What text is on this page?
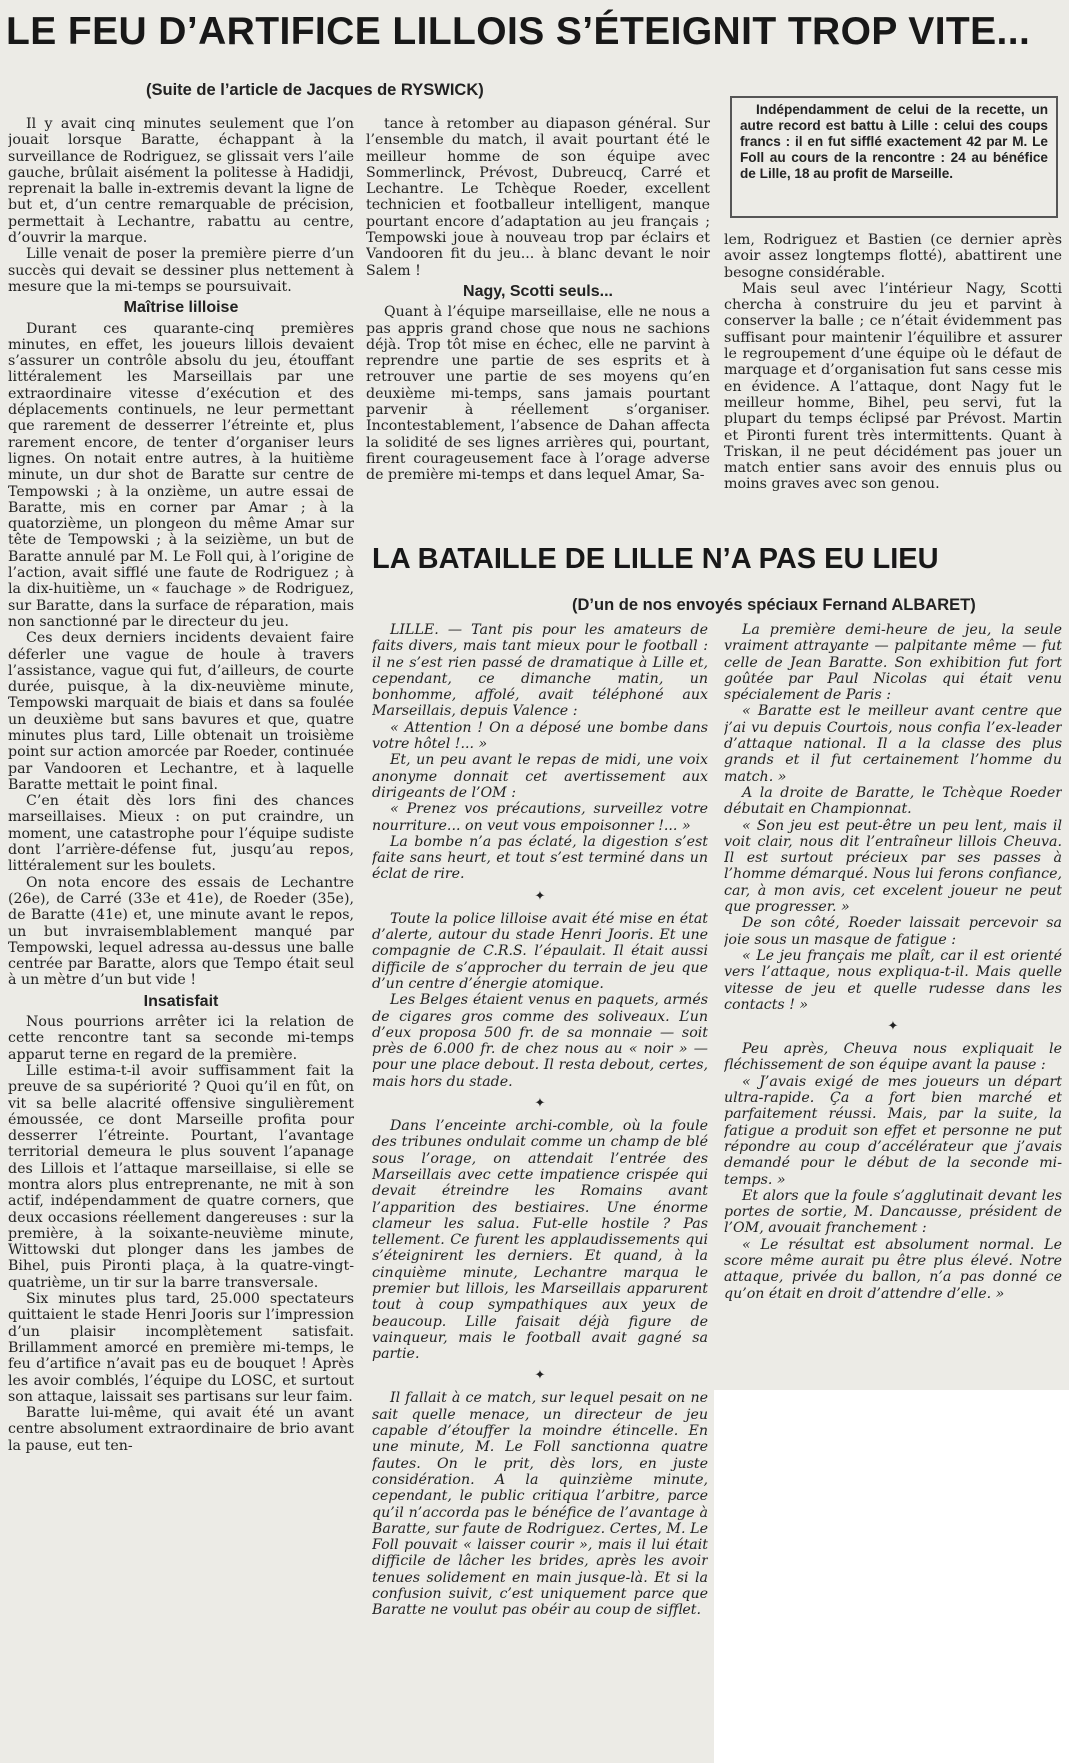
LE FEU D’ARTIFICE LILLOIS S’ÉTEIGNIT TROP VITE...
(Suite de l’article de Jacques de RYSWICK)

Il y avait cinq minutes seulement que l’on jouait lorsque Baratte, échappant à la surveillance de Rodriguez, se glissait vers l’aile gauche, brûlait aisément la politesse à Hadidji, reprenait la balle in-extremis devant la ligne de but et, d’un centre remarquable de précision, permettait à Lechantre, rabattu au centre, d’ouvrir la marque.

Lille venait de poser la première pierre d’un succès qui devait se dessiner plus nettement à mesure que la mi-temps se poursuivait.

Maîtrise lilloise

Durant ces quarante-cinq premières minutes, en effet, les joueurs lillois devaient s’assurer un contrôle absolu du jeu, étouffant littéralement les Marseillais par une extraordinaire vitesse d’exécution et des déplacements continuels, ne leur permettant que rarement de desserrer l’étreinte et, plus rarement encore, de tenter d’organiser leurs lignes. On notait entre autres, à la huitième minute, un dur shot de Baratte sur centre de Tempowski ; à la onzième, un autre essai de Baratte, mis en corner par Amar ; à la quatorzième, un plongeon du même Amar sur tête de Tempowski ; à la seizième, un but de Baratte annulé par M. Le Foll qui, à l’origine de l’action, avait sifflé une faute de Rodriguez ; à la dix-huitième, un « fauchage » de Rodriguez, sur Baratte, dans la surface de réparation, mais non sanctionné par le directeur du jeu.

Ces deux derniers incidents devaient faire déferler une vague de houle à travers l’assistance, vague qui fut, d’ailleurs, de courte durée, puisque, à la dix-neuvième minute, Tempowski marquait de biais et dans sa foulée un deuxième but sans bavures et que, quatre minutes plus tard, Lille obtenait un troisième point sur action amorcée par Roeder, continuée par Vandooren et Lechantre, et à laquelle Baratte mettait le point final.

C’en était dès lors fini des chances marseillaises. Mieux : on put craindre, un moment, une catastrophe pour l’équipe sudiste dont l’arrière-défense fut, jusqu’au repos, littéralement sur les boulets.

On nota encore des essais de Lechantre (26e), de Carré (33e et 41e), de Roeder (35e), de Baratte (41e) et, une minute avant le repos, un but invraisemblablement manqué par Tempowski, lequel adressa au-dessus une balle centrée par Baratte, alors que Tempo était seul à un mètre d’un but vide !

Insatisfait

Nous pourrions arrêter ici la relation de cette rencontre tant sa seconde mi-temps apparut terne en regard de la première.

Lille estima-t-il avoir suffisamment fait la preuve de sa supériorité ? Quoi qu’il en fût, on vit sa belle alacrité offensive singulièrement émoussée, ce dont Marseille profita pour desserrer l’étreinte. Pourtant, l’avantage territorial demeura le plus souvent l’apanage des Lillois et l’attaque marseillaise, si elle se montra alors plus entreprenante, ne mit à son actif, indépendamment de quatre corners, que deux occasions réellement dangereuses : sur la première, à la soixante-neuvième minute, Wittowski dut plonger dans les jambes de Bihel, puis Pironti plaça, à la quatre-vingt-quatrième, un tir sur la barre transversale.

Six minutes plus tard, 25.000 spectateurs quittaient le stade Henri Jooris sur l’impression d’un plaisir incomplètement satisfait. Brillamment amorcé en première mi-temps, le feu d’artifice n’avait pas eu de bouquet ! Après les avoir comblés, l’équipe du LOSC, et surtout son attaque, laissait ses partisans sur leur faim.

Baratte lui-même, qui avait été un avant centre absolument extraordinaire de brio avant la pause, eut ten-

tance à retomber au diapason général. Sur l’ensemble du match, il avait pourtant été le meilleur homme de son équipe avec Sommerlinck, Prévost, Dubreucq, Carré et Lechantre. Le Tchèque Roeder, excellent technicien et footballeur intelligent, manque pourtant encore d’adaptation au jeu français ; Tempowski joue à nouveau trop par éclairs et Vandooren fit du jeu... à blanc devant le noir Salem !

Nagy, Scotti seuls...

Quant à l’équipe marseillaise, elle ne nous a pas appris grand chose que nous ne sachions déjà. Trop tôt mise en échec, elle ne parvint à reprendre une partie de ses esprits et à retrouver une partie de ses moyens qu’en deuxième mi-temps, sans jamais pourtant parvenir à réellement s’organiser. Incontestablement, l’absence de Dahan affecta la solidité de ses lignes arrières qui, pourtant, firent courageusement face à l’orage adverse de première mi-temps et dans lequel Amar, Sa-

Indépendamment de celui de la recette, un autre record est battu à Lille : celui des coups francs : il en fut sifflé exactement 42 par M. Le Foll au cours de la rencontre : 24 au bénéfice de Lille, 18 au profit de Marseille.

lem, Rodriguez et Bastien (ce dernier après avoir assez longtemps flotté), abattirent une besogne considérable.

Mais seul avec l’intérieur Nagy, Scotti chercha à construire du jeu et parvint à conserver la balle ; ce n’était évidemment pas suffisant pour maintenir l’équilibre et assurer le regroupement d’une équipe où le défaut de marquage et d’organisation fut sans cesse mis en évidence. A l’attaque, dont Nagy fut le meilleur homme, Bihel, peu servi, fut la plupart du temps éclipsé par Prévost. Martin et Pironti furent très intermittents. Quant à Triskan, il ne peut décidément pas jouer un match entier sans avoir des ennuis plus ou moins graves avec son genou.

LA BATAILLE DE LILLE N’A PAS EU LIEU
(D’un de nos envoyés spéciaux Fernand ALBARET)

LILLE. — Tant pis pour les amateurs de faits divers, mais tant mieux pour le football : il ne s’est rien passé de dramatique à Lille et, cependant, ce dimanche matin, un bonhomme, affolé, avait téléphoné aux Marseillais, depuis Valence :

« Attention ! On a déposé une bombe dans votre hôtel !... »

Et, un peu avant le repas de midi, une voix anonyme donnait cet avertissement aux dirigeants de l’OM :

« Prenez vos précautions, surveillez votre nourriture... on veut vous empoisonner !... »

La bombe n’a pas éclaté, la digestion s’est faite sans heurt, et tout s’est terminé dans un éclat de rire.

✦

Toute la police lilloise avait été mise en état d’alerte, autour du stade Henri Jooris. Et une compagnie de C.R.S. l’épaulait. Il était aussi difficile de s’approcher du terrain de jeu que d’un centre d’énergie atomique.

Les Belges étaient venus en paquets, armés de cigares gros comme des soliveaux. L’un d’eux proposa 500 fr. de sa monnaie — soit près de 6.000 fr. de chez nous au « noir » — pour une place debout. Il resta debout, certes, mais hors du stade.

✦

Dans l’enceinte archi-comble, où la foule des tribunes ondulait comme un champ de blé sous l’orage, on attendait l’entrée des Marseillais avec cette impatience crispée qui devait étreindre les Romains avant l’apparition des bestiaires. Une énorme clameur les salua. Fut-elle hostile ? Pas tellement. Ce furent les applaudissements qui s’éteignirent les derniers. Et quand, à la cinquième minute, Lechantre marqua le premier but lillois, les Marseillais apparurent tout à coup sympathiques aux yeux de beaucoup. Lille faisait déjà figure de vainqueur, mais le football avait gagné sa partie.

✦

Il fallait à ce match, sur lequel pesait on ne sait quelle menace, un directeur de jeu capable d’étouffer la moindre étincelle. En une minute, M. Le Foll sanctionna quatre fautes. On le prit, dès lors, en juste considération. A la quinzième minute, cependant, le public critiqua l’arbitre, parce qu’il n’accorda pas le bénéfice de l’avantage à Baratte, sur faute de Rodriguez. Certes, M. Le Foll pouvait « laisser courir », mais il lui était difficile de lâcher les brides, après les avoir tenues solidement en main jusque-là. Et si la confusion suivit, c’est uniquement parce que Baratte ne voulut pas obéir au coup de sifflet.

La première demi-heure de jeu, la seule vraiment attrayante — palpitante même — fut celle de Jean Baratte. Son exhibition fut fort goûtée par Paul Nicolas qui était venu spécialement de Paris :

« Baratte est le meilleur avant centre que j’ai vu depuis Courtois, nous confia l’ex-leader d’attaque national. Il a la classe des plus grands et il fut certainement l’homme du match. »

A la droite de Baratte, le Tchèque Roeder débutait en Championnat.

« Son jeu est peut-être un peu lent, mais il voit clair, nous dit l’entraîneur lillois Cheuva. Il est surtout précieux par ses passes à l’homme démarqué. Nous lui ferons confiance, car, à mon avis, cet excelent joueur ne peut que progresser. »

De son côté, Roeder laissait percevoir sa joie sous un masque de fatigue :

« Le jeu français me plaît, car il est orienté vers l’attaque, nous expliqua-t-il. Mais quelle vitesse de jeu et quelle rudesse dans les contacts ! »

✦

Peu après, Cheuva nous expliquait le fléchissement de son équipe avant la pause :

« J’avais exigé de mes joueurs un départ ultra-rapide. Ça a fort bien marché et parfaitement réussi. Mais, par la suite, la fatigue a produit son effet et personne ne put répondre au coup d’accélérateur que j’avais demandé pour le début de la seconde mi-temps. »

Et alors que la foule s’agglutinait devant les portes de sortie, M. Dancausse, président de l’OM, avouait franchement :

« Le résultat est absolument normal. Le score même aurait pu être plus élevé. Notre attaque, privée du ballon, n’a pas donné ce qu’on était en droit d’attendre d’elle. »
